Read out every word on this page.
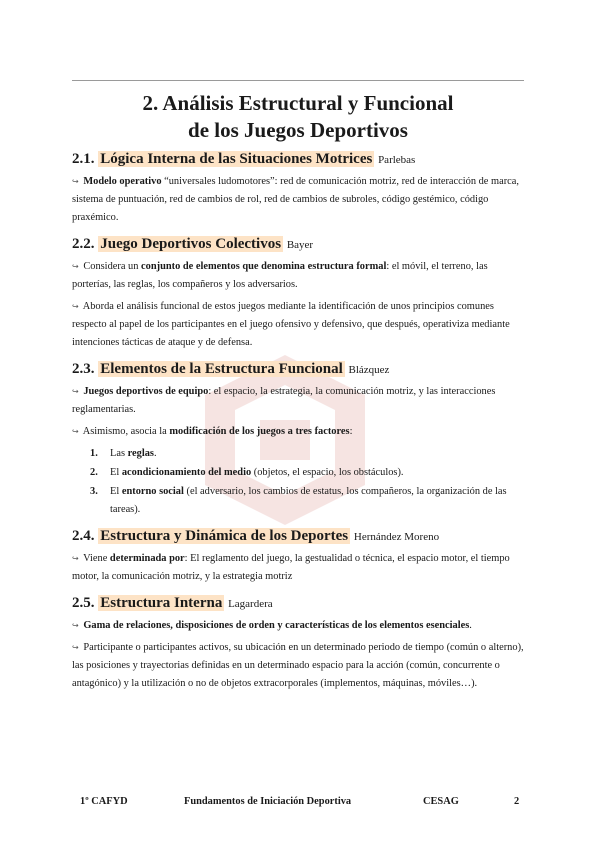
2. Análisis Estructural y Funcional
de los Juegos Deportivos
2.1. Lógica Interna de las Situaciones Motrices Parlebas
↪ Modelo operativo “universales ludomotores”: red de comunicación motriz, red de interacción de marca, sistema de puntuación, red de cambios de rol, red de cambios de subroles, código gestémico, código praxémico.
2.2. Juego Deportivos Colectivos Bayer
↪ Considera un conjunto de elementos que denomina estructura formal: el móvil, el terreno, las porterías, las reglas, los compañeros y los adversarios.
↪ Aborda el análisis funcional de estos juegos mediante la identificación de unos principios comunes respecto al papel de los participantes en el juego ofensivo y defensivo, que después, operativiza mediante intenciones tácticas de ataque y de defensa.
2.3. Elementos de la Estructura Funcional Blázquez
↪ Juegos deportivos de equipo: el espacio, la estrategia, la comunicación motriz, y las interacciones reglamentarias.
↪ Asimismo, asocia la modificación de los juegos a tres factores:
1. Las reglas.
2. El acondicionamiento del medio (objetos, el espacio, los obstáculos).
3. El entorno social (el adversario, los cambios de estatus, los compañeros, la organización de las tareas).
2.4. Estructura y Dinámica de los Deportes Hernández Moreno
↪ Viene determinada por: El reglamento del juego, la gestualidad o técnica, el espacio motor, el tiempo motor, la comunicación motriz, y la estrategia motriz
2.5. Estructura Interna Lagardera
↪ Gama de relaciones, disposiciones de orden y características de los elementos esenciales.
↪ Participante o participantes activos, su ubicación en un determinado periodo de tiempo (común o alterno), las posiciones y trayectorias definidas en un determinado espacio para la acción (común, concurrente o antagónico) y la utilización o no de objetos extracorporales (implementos, máquinas, móviles…).
1º CAFYD	Fundamentos de Iniciación Deportiva	CESAG	2
